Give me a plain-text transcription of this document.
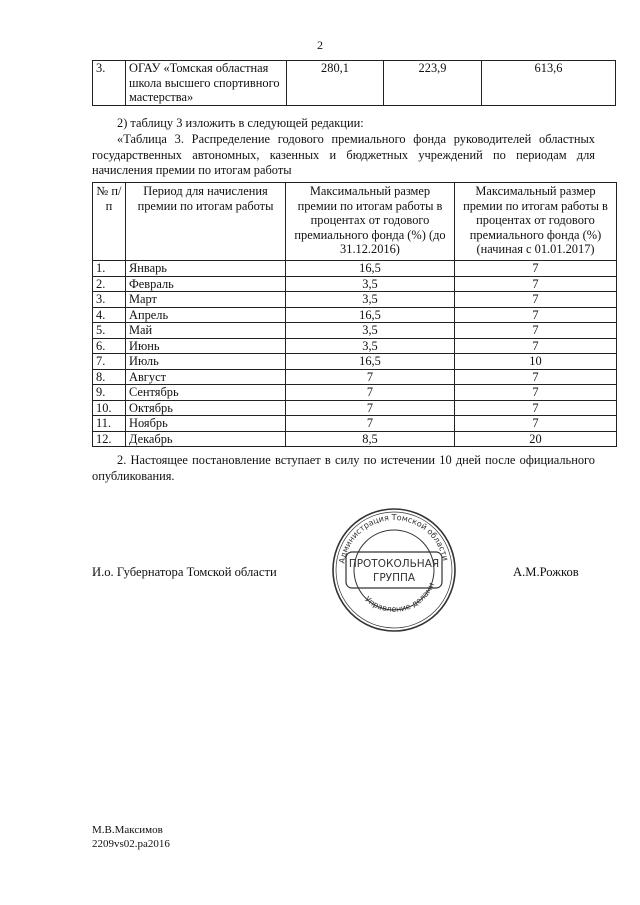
2
3.	ОГАУ «Томская областная школа высшего спортивного мастерства»	280,1	223,9	613,6
2) таблицу 3 изложить в следующей редакции:
«Таблица 3. Распределение годового премиального фонда руководителей областных государственных автономных, казенных и бюджетных учреждений по периодам для начисления премии по итогам работы
№ п/п	Период для начисления премии по итогам работы	Максимальный размер премии по итогам работы в процентах от годового премиального фонда (%) (до 31.12.2016)	Максимальный размер премии по итогам работы в процентах от годового премиального фонда (%) (начиная с 01.01.2017)
1.	Январь	16,5	7
2.	Февраль	3,5	7
3.	Март	3,5	7
4.	Апрель	16,5	7
5.	Май	3,5	7
6.	Июнь	3,5	7
7.	Июль	16,5	10
8.	Август	7	7
9.	Сентябрь	7	7
10.	Октябрь	7	7
11.	Ноябрь	7	7
12.	Декабрь	8,5	20
2. Настоящее постановление вступает в силу по истечении 10 дней после официального опубликования.
И.о. Губернатора Томской области	А.М.Рожков
Администрация Томской области
Управление делами
ПРОТОКОЛЬНАЯ
ГРУППА
М.В.Максимов
2209vs02.pa2016
